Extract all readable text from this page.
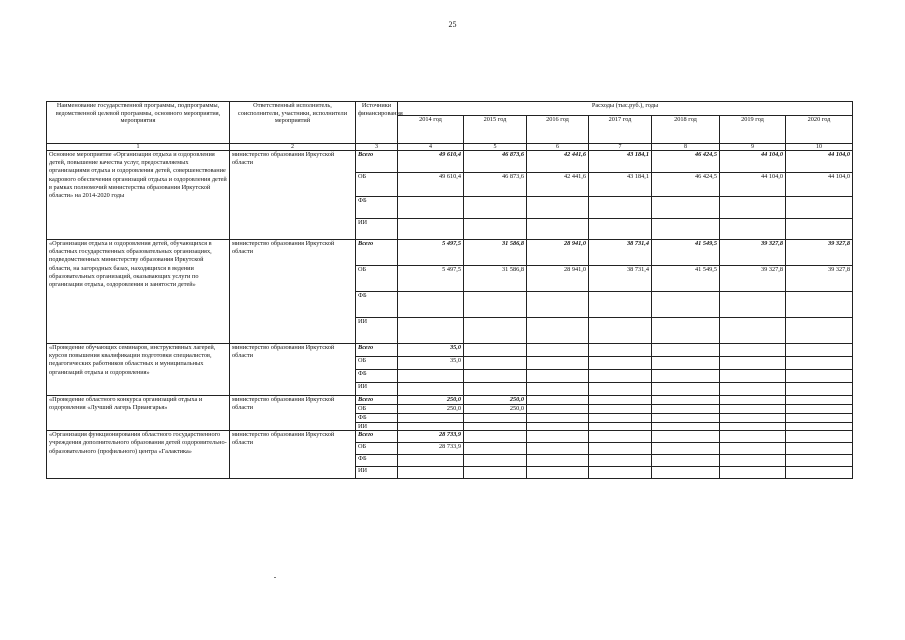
25
Наименование государственной программы, подпрограммы, ведомственной целевой программы, основного мероприятия, мероприятия	Ответственный исполнитель, соисполнители, участники, исполнители мероприятий	Источники финансирования	Расходы (тыс.руб.), годы						
			2014 год	2015 год	2016 год	2017 год	2018 год	2019 год	2020 год
1	2	3	4	5	6	7	8	9	10
Основное мероприятие «Организация отдыха и оздоровления детей, повышение качества услуг, предоставляемых организациями отдыха и оздоровления детей, совершенствование кадрового обеспечения организаций отдыха и оздоровления детей в рамках полномочий министерства образования Иркутской области» на 2014-2020 годы	министерство образования Иркутской области	Всего	49 610,4	46 873,6	42 441,6	43 184,1	46 424,5	44 104,0	44 104,0
		ОБ	49 610,4	46 873,6	42 441,6	43 184,1	46 424,5	44 104,0	44 104,0
		ФБ							
		ИИ							
«Организация отдыха и оздоровления детей, обучающихся в областных государственных образовательных организациях, подведомственных министерству образования Иркутской области, на загородных базах, находящихся в ведении образовательных организаций, оказывающих услуги по организации отдыха, оздоровления и занятости детей»	министерство образования Иркутской области	Всего	5 497,5	31 586,8	28 941,0	38 731,4	41 549,5	39 327,8	39 327,8
		ОБ	5 497,5	31 586,8	28 941,0	38 731,4	41 549,5	39 327,8	39 327,8
		ФБ							
		ИИ							
«Проведение обучающих семинаров, инструктивных лагерей, курсов повышения квалификации подготовки специалистов, педагогических работников областных и муниципальных организаций отдыха и оздоровления»	министерство образования Иркутской области	Всего	35,0						
		ОБ	35,0						
		ФБ							
		ИИ							
«Проведение областного конкурса организаций отдыха и оздоровления «Лучший лагерь Приангарья»	министерство образования Иркутской области	Всего	250,0	250,0					
		ОБ	250,0	250,0					
		ФБ							
		ИИ							
«Организация функционирования областного государственного учреждения дополнительного образования детей оздоровительно-образовательного (профильного) центра «Галактика»	министерство образования Иркутской области	Всего	28 733,9						
		ОБ	28 733,9						
		ФБ							
		ИИ							
